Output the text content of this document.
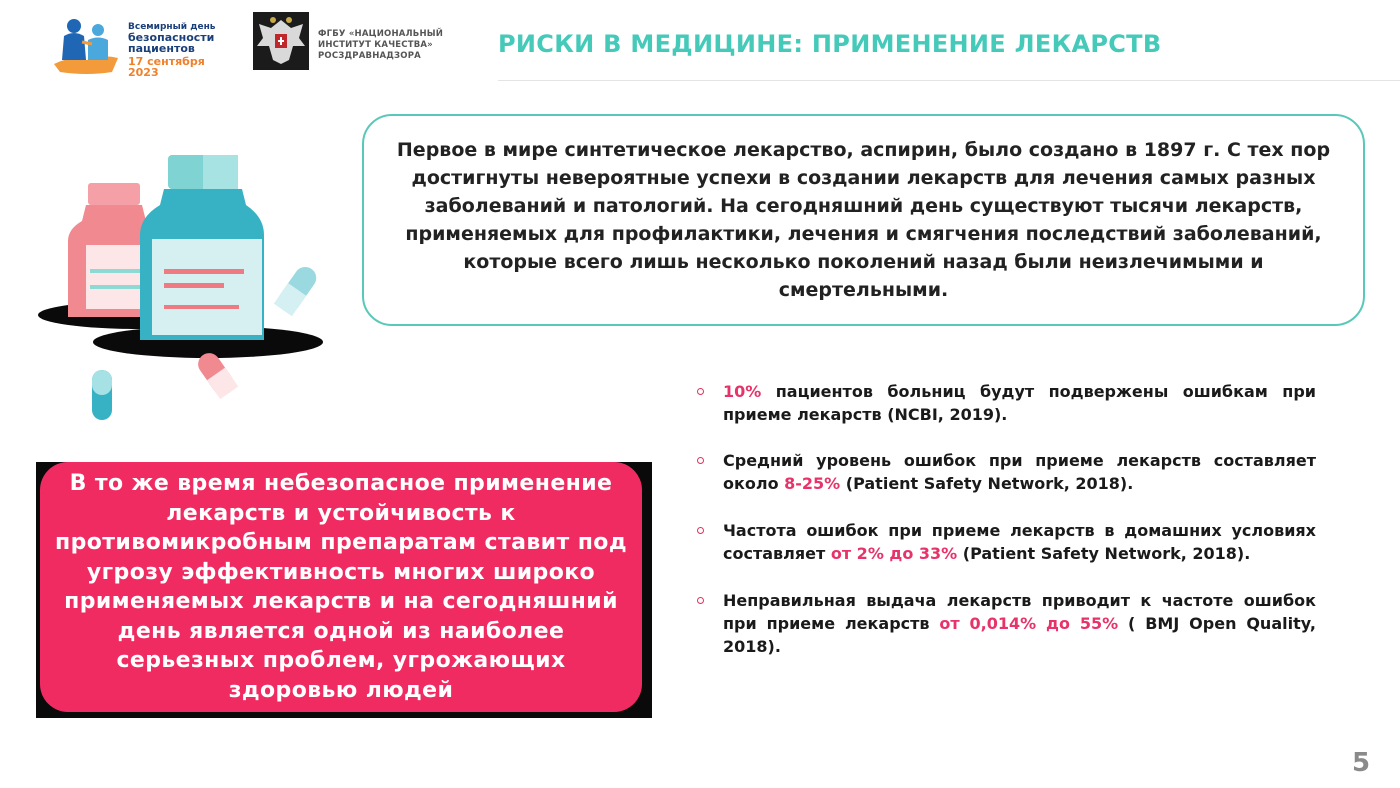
Всемирный день
безопасности
пациентов
17 сентября 2023
ФГБУ «НАЦИОНАЛЬНЫЙ
ИНСТИТУТ КАЧЕСТВА»
РОСЗДРАВНАДЗОРА	РИСКИ В МЕДИЦИНЕ: ПРИМЕНЕНИЕ ЛЕКАРСТВ
Первое в мире синтетическое лекарство, аспирин, было создано в 1897 г. С тех пор достигнуты невероятные успехи в создании лекарств для лечения самых разных заболеваний и патологий. На сегодняшний день существуют тысячи лекарств, применяемых для профилактики, лечения и смягчения последствий заболеваний, которые всего лишь несколько поколений назад были неизлечимыми и смертельными.
В то же время небезопасное применение лекарств и устойчивость к противомикробным препаратам ставит под угрозу эффективность многих широко применяемых лекарств и на сегодняшний день является одной из наиболее серьезных проблем, угрожающих здоровью людей
10% пациентов больниц будут подвержены ошибкам при приеме лекарств (NCBI, 2019).
Средний уровень ошибок при приеме лекарств составляет около 8-25% (Patient Safety Network, 2018).
Частота ошибок при приеме лекарств в домашних условиях составляет от 2% до 33% (Patient Safety Network, 2018).
Неправильная выдача лекарств приводит к частоте ошибок при приеме лекарств от 0,014% до 55% ( BMJ Open Quality, 2018).
5
